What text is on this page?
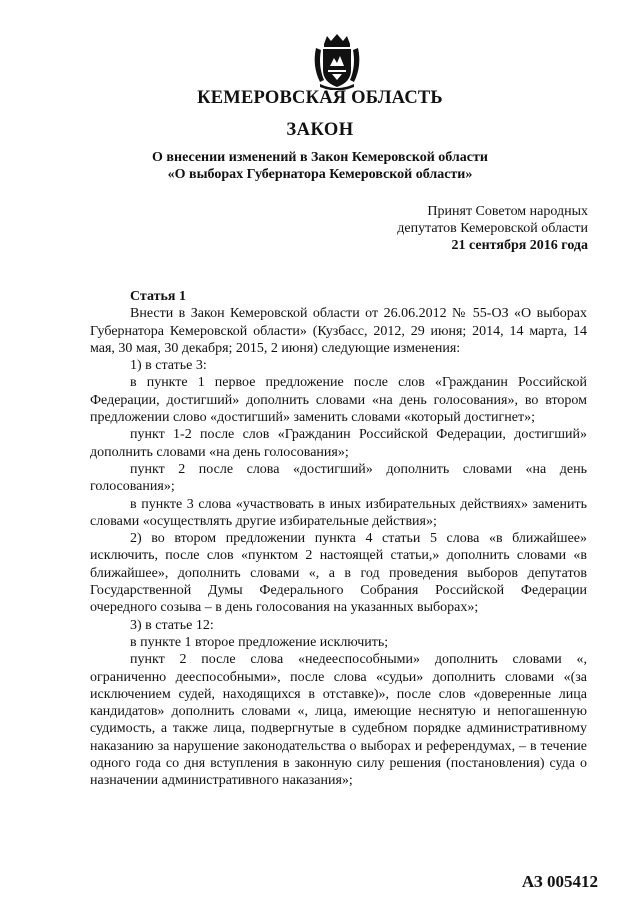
КЕМЕРОВСКАЯ ОБЛАСТЬ
ЗАКОН
О внесении изменений в Закон Кемеровской области
«О выборах Губернатора Кемеровской области»
Принят Советом народных
депутатов Кемеровской области
21 сентября 2016 года

Статья 1

Внести в Закон Кемеровской области от 26.06.2012 № 55-ОЗ «О выборах Губернатора Кемеровской области» (Кузбасс, 2012, 29 июня; 2014, 14 марта, 14 мая, 30 мая, 30 декабря; 2015, 2 июня) следующие изменения:

1) в статье 3:

в пункте 1 первое предложение после слов «Гражданин Российской Федерации, достигший» дополнить словами «на день голосования», во втором предложении слово «достигший» заменить словами «который достигнет»;

пункт 1-2 после слов «Гражданин Российской Федерации, достигший» дополнить словами «на день голосования»;

пункт 2 после слова «достигший» дополнить словами «на день голосования»;

в пункте 3 слова «участвовать в иных избирательных действиях» заменить словами «осуществлять другие избирательные действия»;

2) во втором предложении пункта 4 статьи 5 слова «в ближайшее» исключить, после слов «пунктом 2 настоящей статьи,» дополнить словами «в ближайшее», дополнить словами «, а в год проведения выборов депутатов Государственной Думы Федерального Собрания Российской Федерации очередного созыва – в день голосования на указанных выборах»;

3) в статье 12:

в пункте 1 второе предложение исключить;

пункт 2 после слова «недееспособными» дополнить словами «, ограниченно дееспособными», после слова «судьи» дополнить словами «(за исключением судей, находящихся в отставке)», после слов «доверенные лица кандидатов» дополнить словами «, лица, имеющие неснятую и непогашенную судимость, а также лица, подвергнутые в судебном порядке административному наказанию за нарушение законодательства о выборах и референдумах, – в течение одного года со дня вступления в законную силу решения (постановления) суда о назначении административного наказания»;

АЗ 005412
